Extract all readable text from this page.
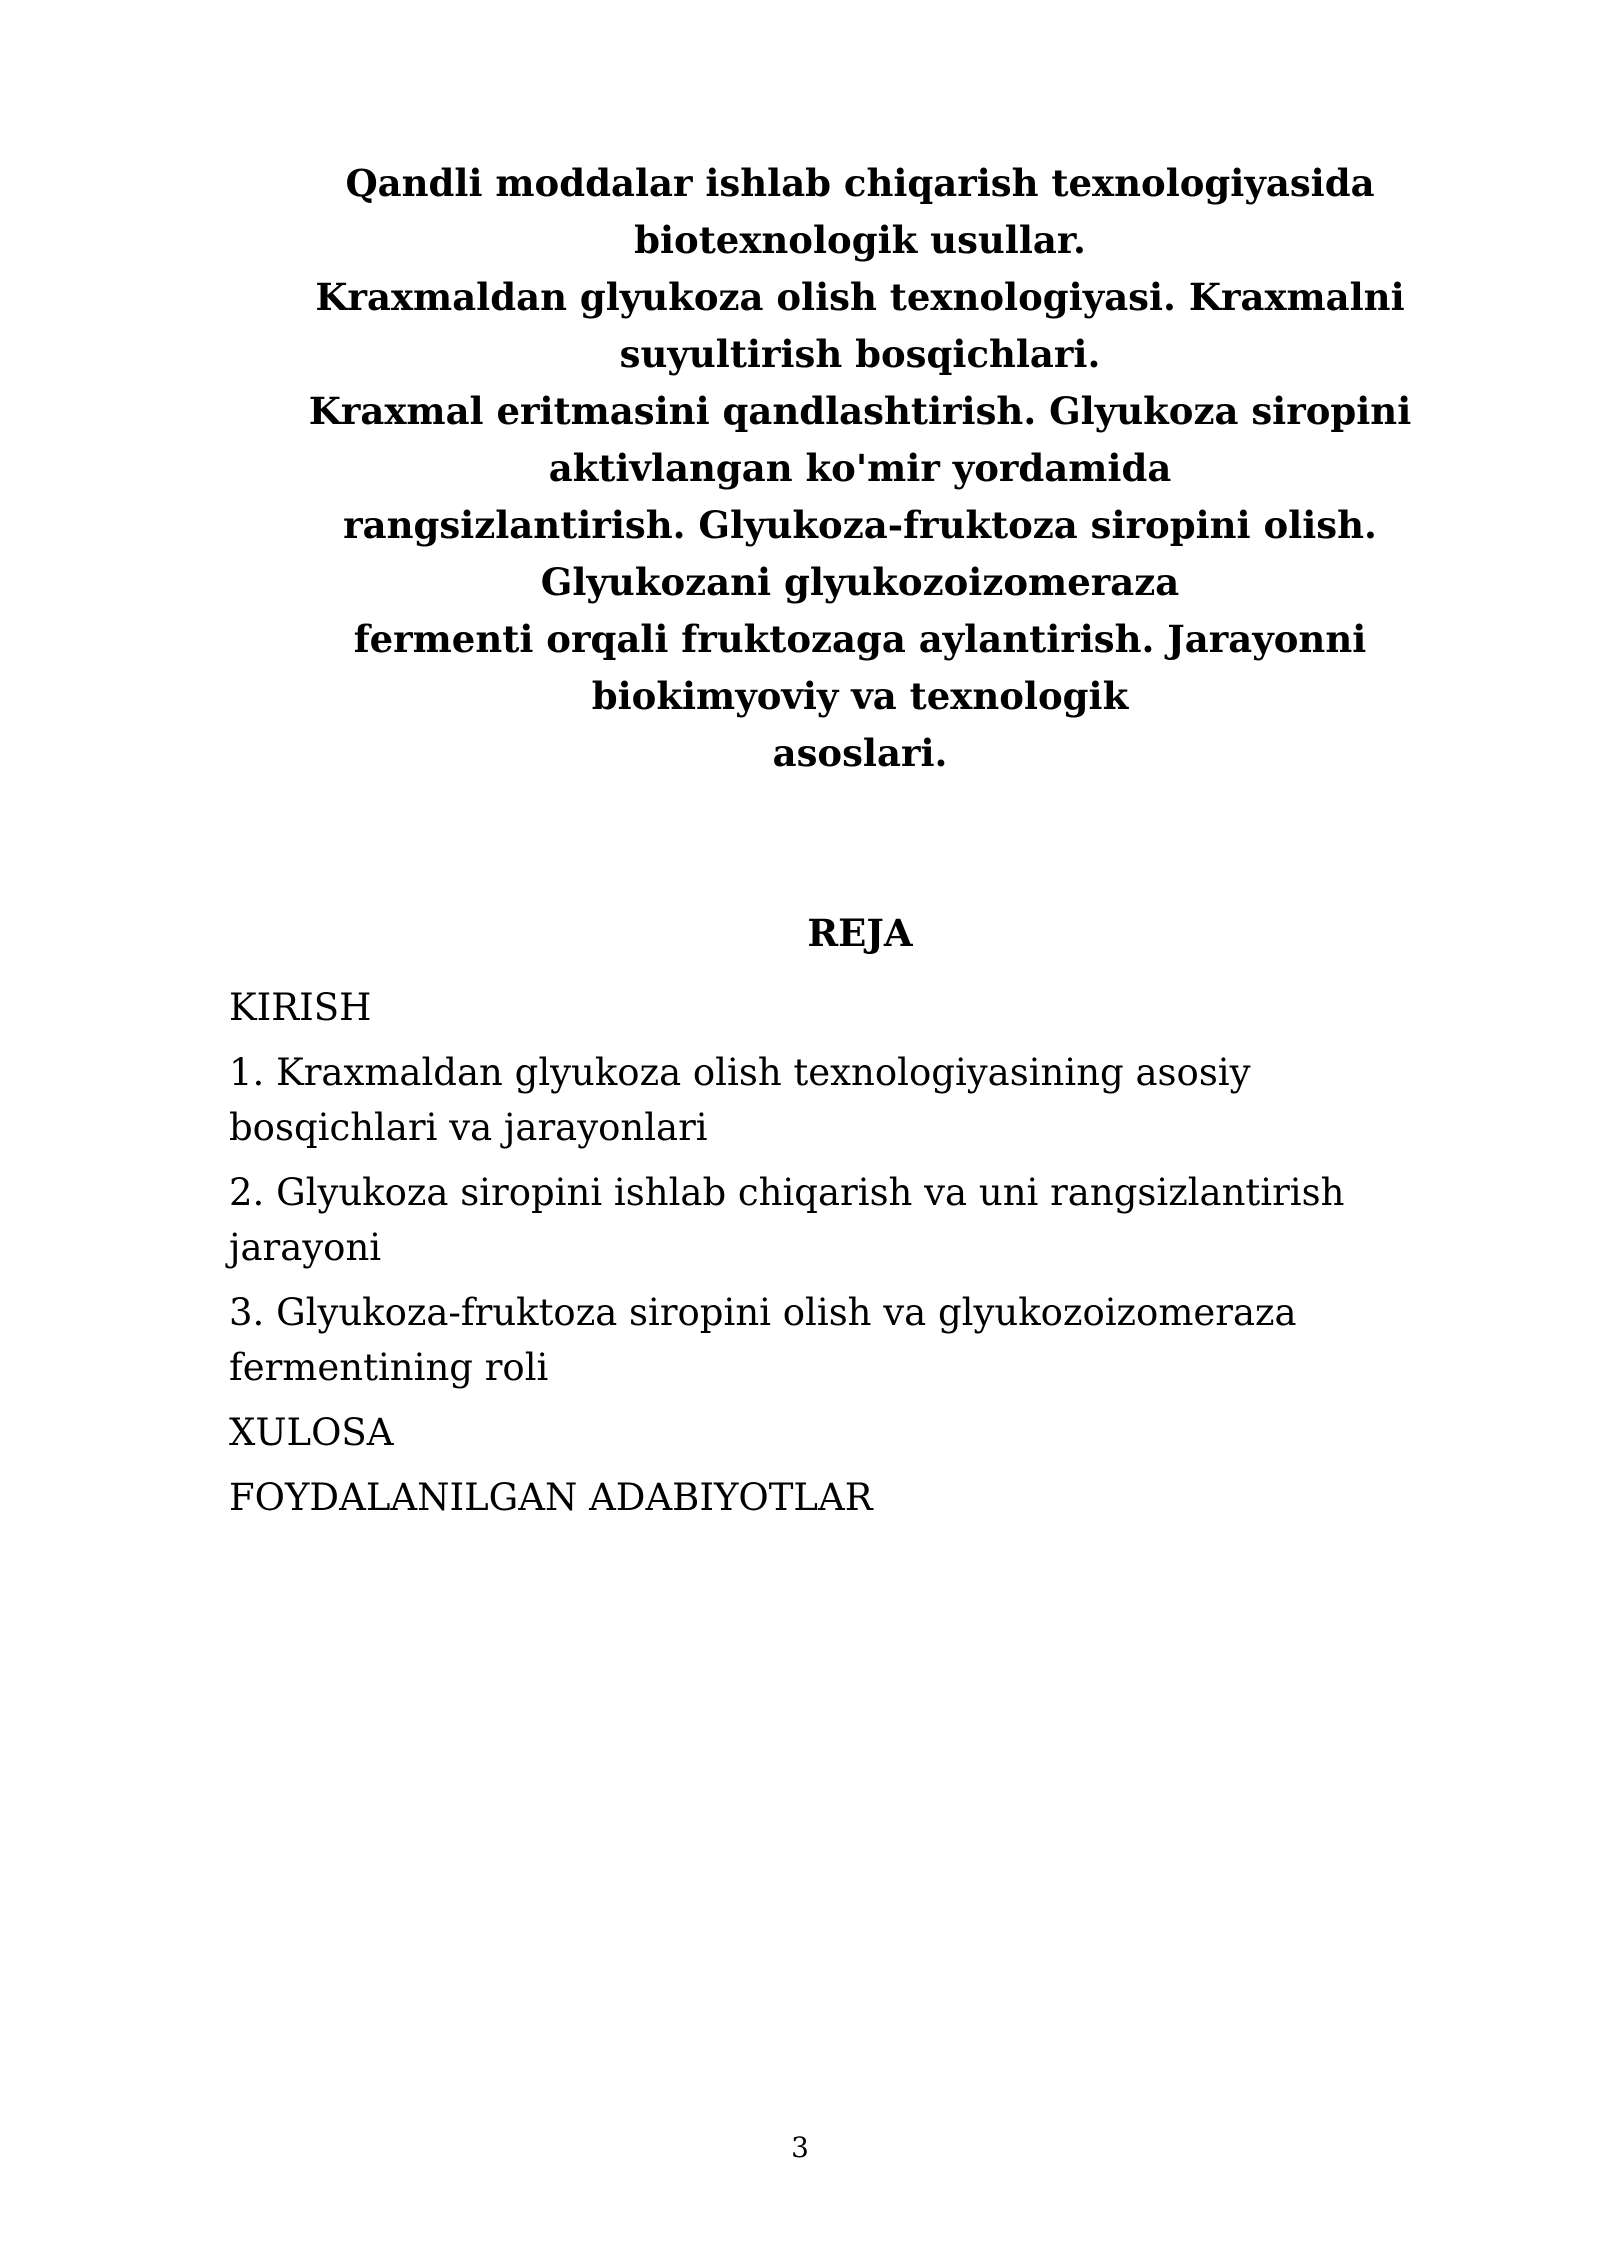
Qandli moddalar ishlab chiqarish texnologiyasida
biotexnologik usullar.
Kraxmaldan glyukoza olish texnologiyasi. Kraxmalni
suyultirish bosqichlari.
Kraxmal eritmasini qandlashtirish. Glyukoza siropini
aktivlangan ko'mir yordamida
rangsizlantirish. Glyukoza-fruktoza siropini olish.
Glyukozani glyukozoizomeraza
fermenti orqali fruktozaga aylantirish. Jarayonni
biokimyoviy va texnologik
asoslari.
REJA
KIRISH
1. Kraxmaldan glyukoza olish texnologiyasining asosiy
bosqichlari va jarayonlari
2. Glyukoza siropini ishlab chiqarish va uni rangsizlantirish
jarayoni
3. Glyukoza-fruktoza siropini olish va glyukozoizomeraza
fermentining roli
XULOSA
FOYDALANILGAN ADABIYOTLAR
3
